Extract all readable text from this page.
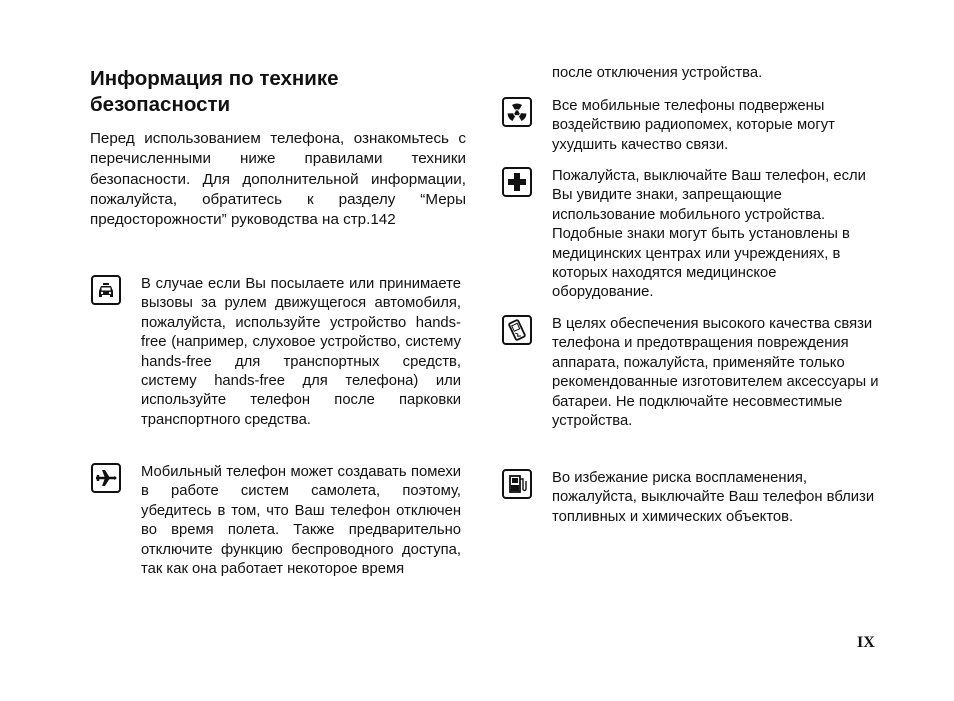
Информация по технике безопасности

Перед использованием телефона, ознакомьтесь с перечисленными ниже правилами техники безопасности. Для дополнительной информации, пожалуйста, обратитесь к разделу “Меры предосторожности” руководства на стр.142

В случае если Вы посылаете или принимаете вызовы за рулем движущегося автомобиля, пожалуйста, используйте устройство hands-free (например, слуховое устройство, систему hands-free для транспортных средств, систему hands-free для телефона) или используйте телефон после парковки транспортного средства.

Мобильный телефон может создавать помехи в работе систем самолета, поэтому, убедитесь в том, что Ваш телефон отключен во время полета. Также предварительно отключите функцию беспроводного доступа, так как она работает некоторое время

после отключения устройства.

Все мобильные телефоны подвержены воздействию радиопомех, которые могут ухудшить качество связи.

Пожалуйста, выключайте Ваш телефон, если Вы увидите знаки, запрещающие использование мобильного устройства. Подобные знаки могут быть установлены в медицинских центрах или учреждениях, в которых находятся медицинское оборудование.

В целях обеспечения высокого качества связи телефона и предотвращения повреждения аппарата, пожалуйста, применяйте только рекомендованные изготовителем аксессуары и батареи. Не подключайте несовместимые устройства.

Во избежание риска воспламенения, пожалуйста, выключайте Ваш телефон вблизи топливных и химических объектов.

IX
